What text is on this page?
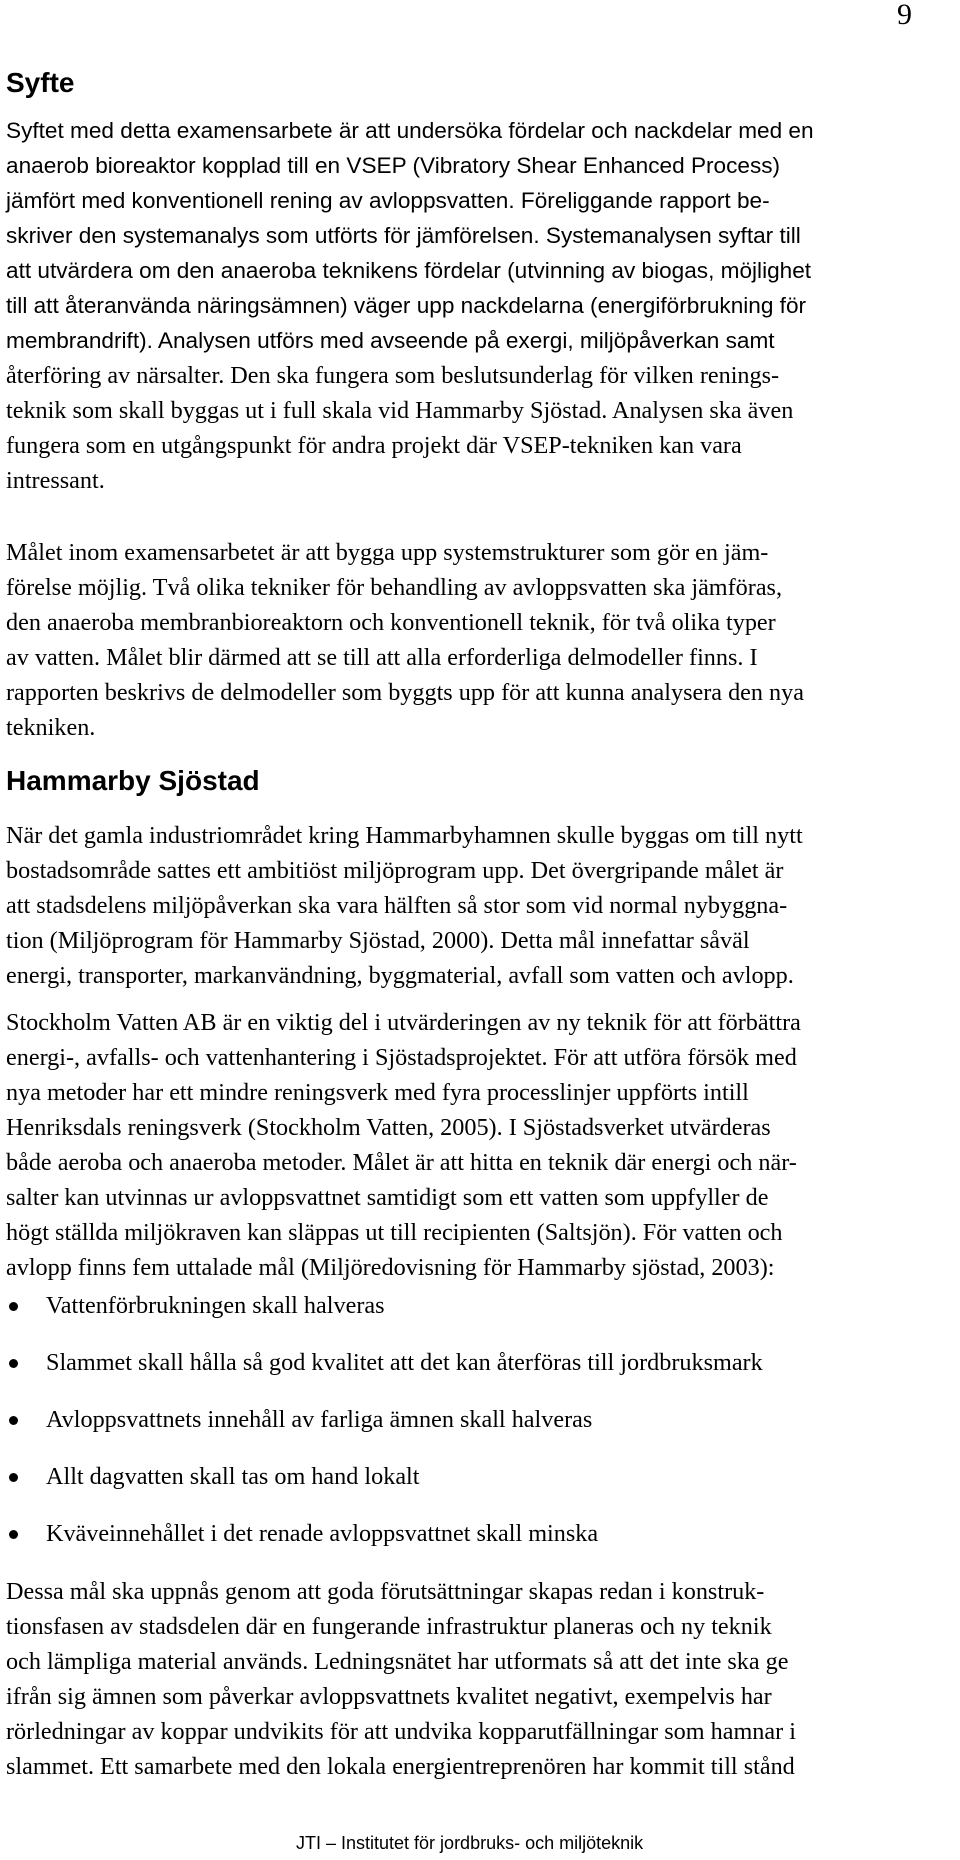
9
Syfte
Syftet med detta examensarbete är att undersöka fördelar och nackdelar med en
anaerob bioreaktor kopplad till en VSEP (Vibratory Shear Enhanced Process)
jämfört med konventionell rening av avloppsvatten. Föreliggande rapport be-
skriver den systemanalys som utförts för jämförelsen. Systemanalysen syftar till
att utvärdera om den anaeroba teknikens fördelar (utvinning av biogas, möjlighet
till att återanvända näringsämnen) väger upp nackdelarna (energiförbrukning för
membrandrift). Analysen utförs med avseende på exergi, miljöpåverkan samt
återföring av närsalter. Den ska fungera som beslutsunderlag för vilken renings-
teknik som skall byggas ut i full skala vid Hammarby Sjöstad. Analysen ska även
fungera som en utgångspunkt för andra projekt där VSEP-tekniken kan vara
intressant.
Målet inom examensarbetet är att bygga upp systemstrukturer som gör en jäm-
förelse möjlig. Två olika tekniker för behandling av avloppsvatten ska jämföras,
den anaeroba membranbioreaktorn och konventionell teknik, för två olika typer
av vatten. Målet blir därmed att se till att alla erforderliga delmodeller finns. I
rapporten beskrivs de delmodeller som byggts upp för att kunna analysera den nya
tekniken.
Hammarby Sjöstad
När det gamla industriområdet kring Hammarbyhamnen skulle byggas om till nytt
bostadsområde sattes ett ambitiöst miljöprogram upp. Det övergripande målet är
att stadsdelens miljöpåverkan ska vara hälften så stor som vid normal nybyggna-
tion (Miljöprogram för Hammarby Sjöstad, 2000). Detta mål innefattar såväl
energi, transporter, markanvändning, byggmaterial, avfall som vatten och avlopp.
Stockholm Vatten AB är en viktig del i utvärderingen av ny teknik för att förbättra
energi-, avfalls- och vattenhantering i Sjöstadsprojektet. För att utföra försök med
nya metoder har ett mindre reningsverk med fyra processlinjer uppförts intill
Henriksdals reningsverk (Stockholm Vatten, 2005). I Sjöstadsverket utvärderas
både aeroba och anaeroba metoder. Målet är att hitta en teknik där energi och när-
salter kan utvinnas ur avloppsvattnet samtidigt som ett vatten som uppfyller de
högt ställda miljökraven kan släppas ut till recipienten (Saltsjön). För vatten och
avlopp finns fem uttalade mål (Miljöredovisning för Hammarby sjöstad, 2003):
Vattenförbrukningen skall halveras
Slammet skall hålla så god kvalitet att det kan återföras till jordbruksmark
Avloppsvattnets innehåll av farliga ämnen skall halveras
Allt dagvatten skall tas om hand lokalt
Kväveinnehållet i det renade avloppsvattnet skall minska
Dessa mål ska uppnås genom att goda förutsättningar skapas redan i konstruk-
tionsfasen av stadsdelen där en fungerande infrastruktur planeras och ny teknik
och lämpliga material används. Ledningsnätet har utformats så att det inte ska ge
ifrån sig ämnen som påverkar avloppsvattnets kvalitet negativt, exempelvis har
rörledningar av koppar undvikits för att undvika kopparutfällningar som hamnar i
slammet. Ett samarbete med den lokala energientreprenören har kommit till stånd
JTI – Institutet för jordbruks- och miljöteknik
